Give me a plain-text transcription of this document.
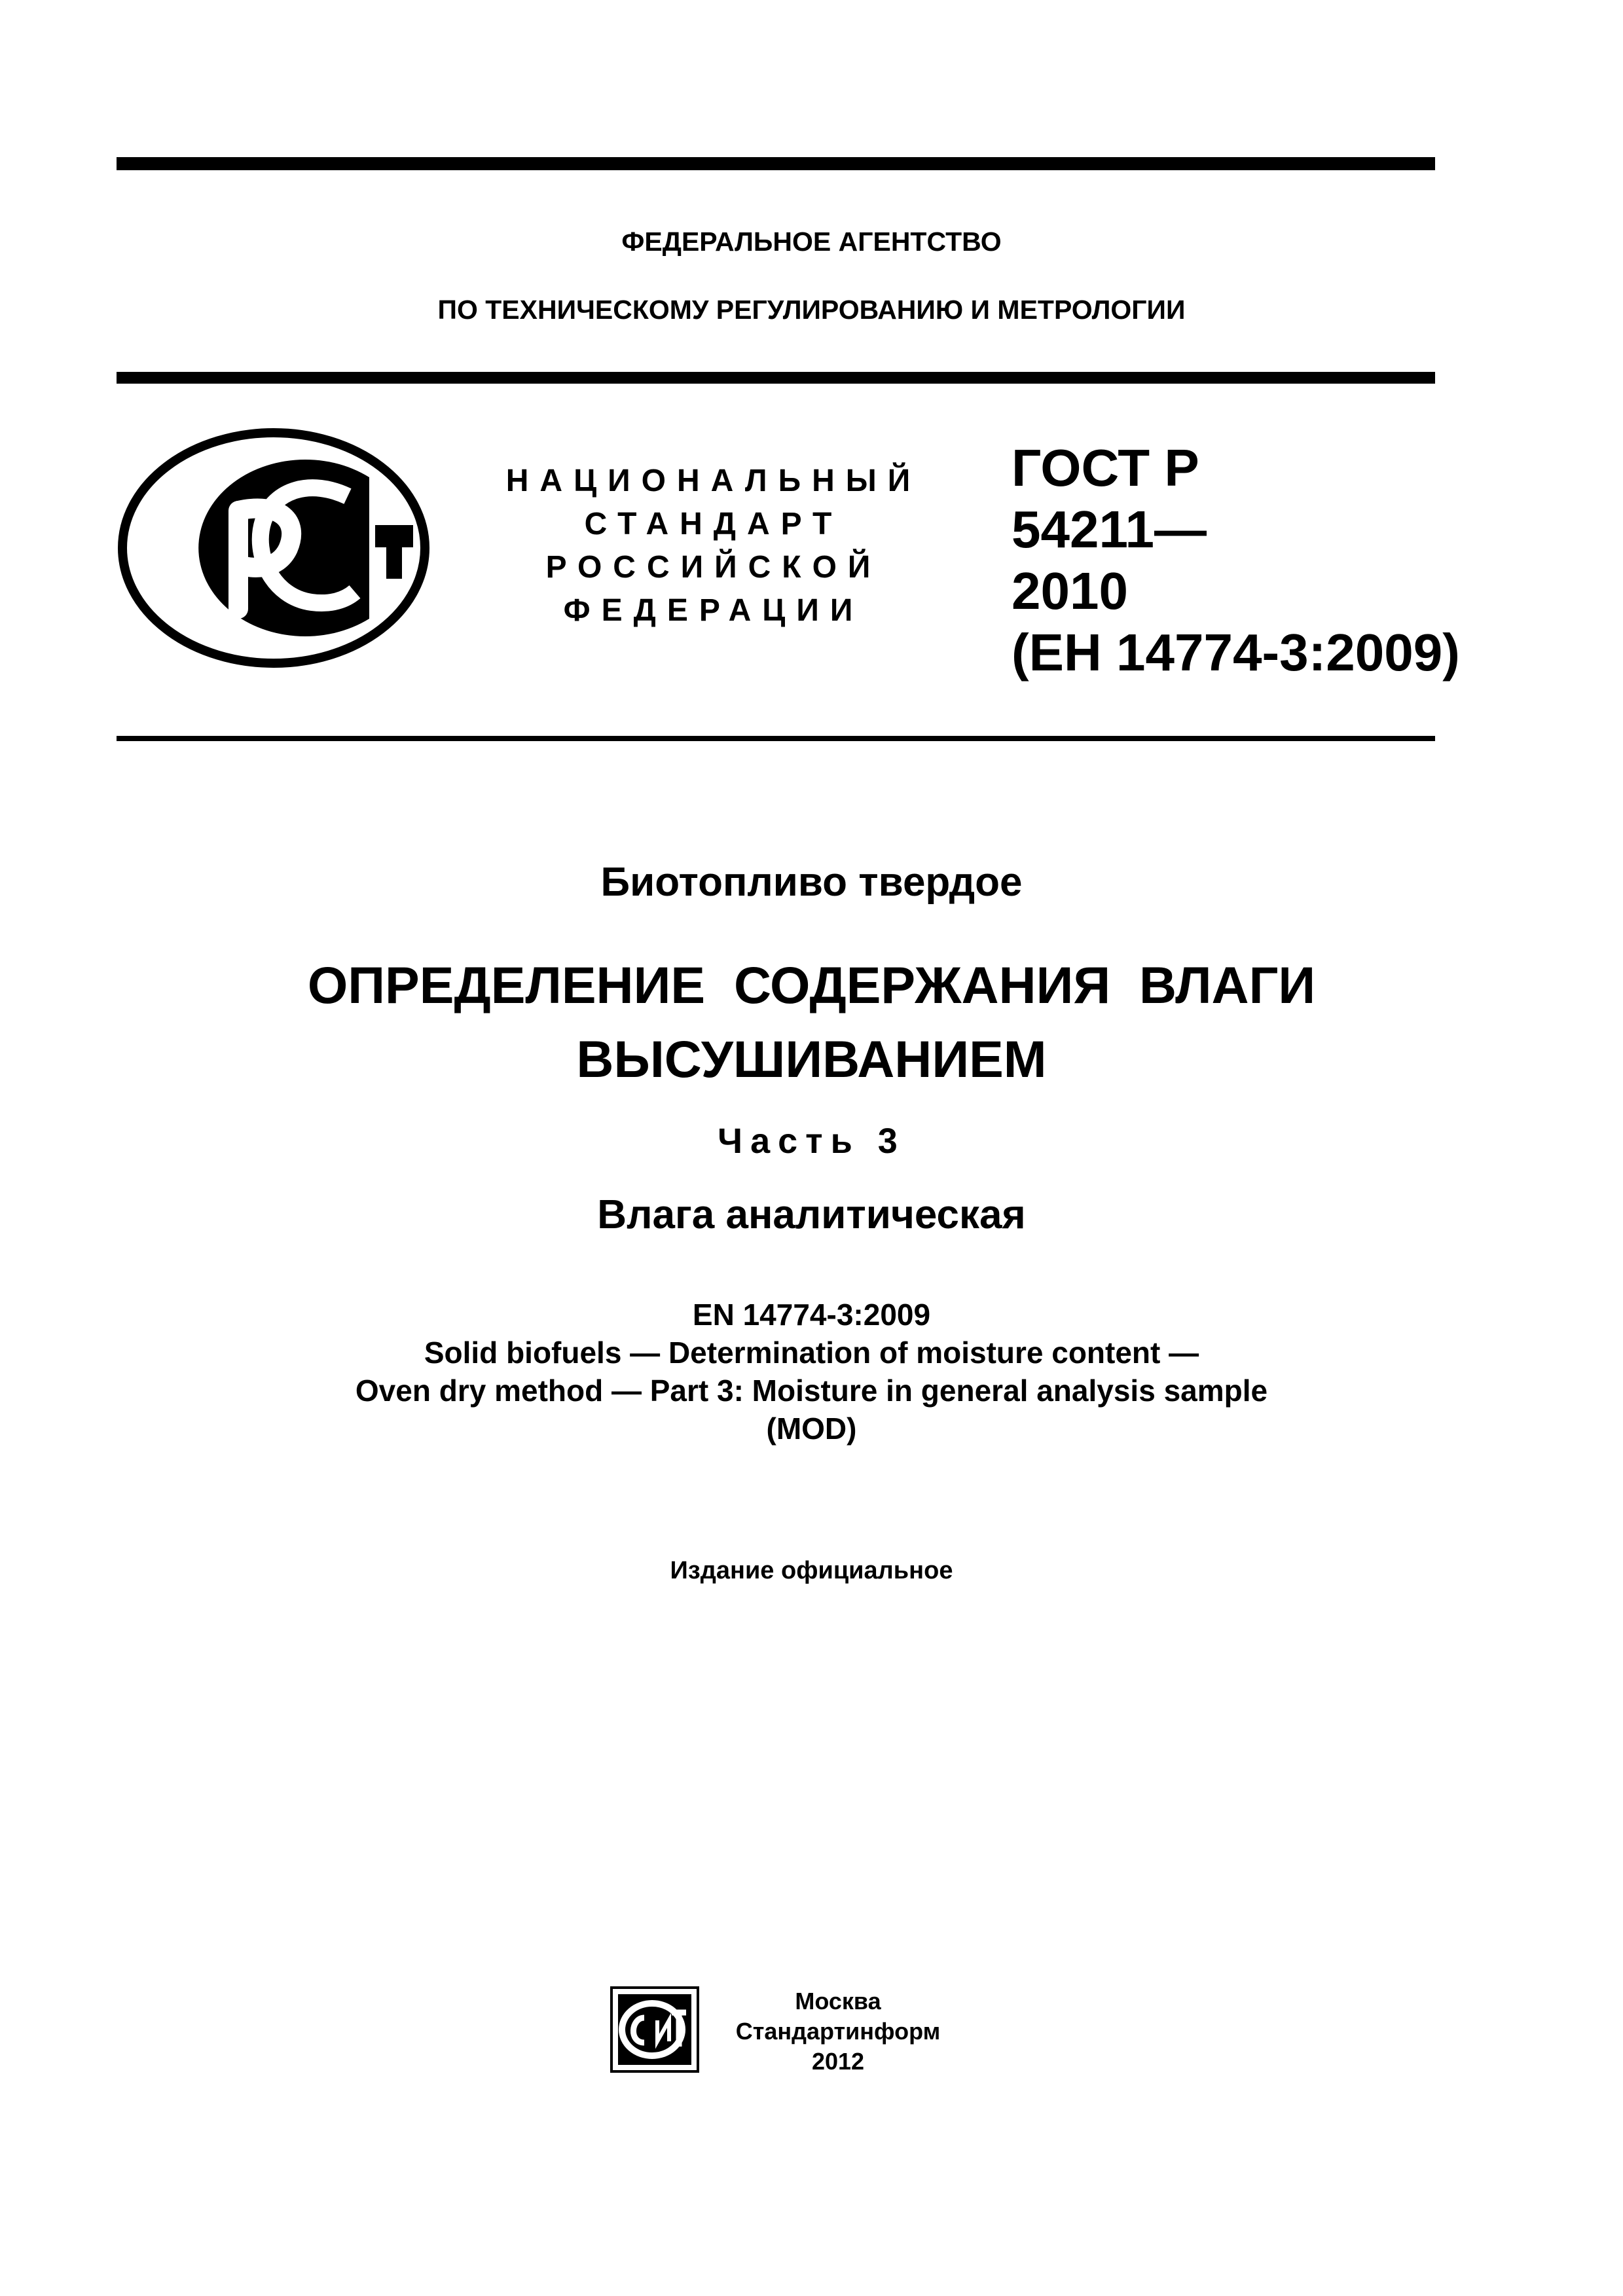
ФЕДЕРАЛЬНОЕ АГЕНТСТВО
ПО ТЕХНИЧЕСКОМУ РЕГУЛИРОВАНИЮ И МЕТРОЛОГИИ
РСТ
НАЦИОНАЛЬНЫЙ
СТАНДАРТ
РОССИЙСКОЙ
ФЕДЕРАЦИИ
ГОСТ Р
54211—
2010
(ЕН 14774-3:2009)
Биотопливо твердое
ОПРЕДЕЛЕНИЕ  СОДЕРЖАНИЯ  ВЛАГИ
ВЫСУШИВАНИЕМ
Часть 3
Влага аналитическая
EN 14774-3:2009
Solid biofuels — Determination of moisture content —
Oven dry method — Part 3: Moisture in general analysis sample
(MOD)
Издание официальное
СТИ
Москва
Стандартинформ
2012
